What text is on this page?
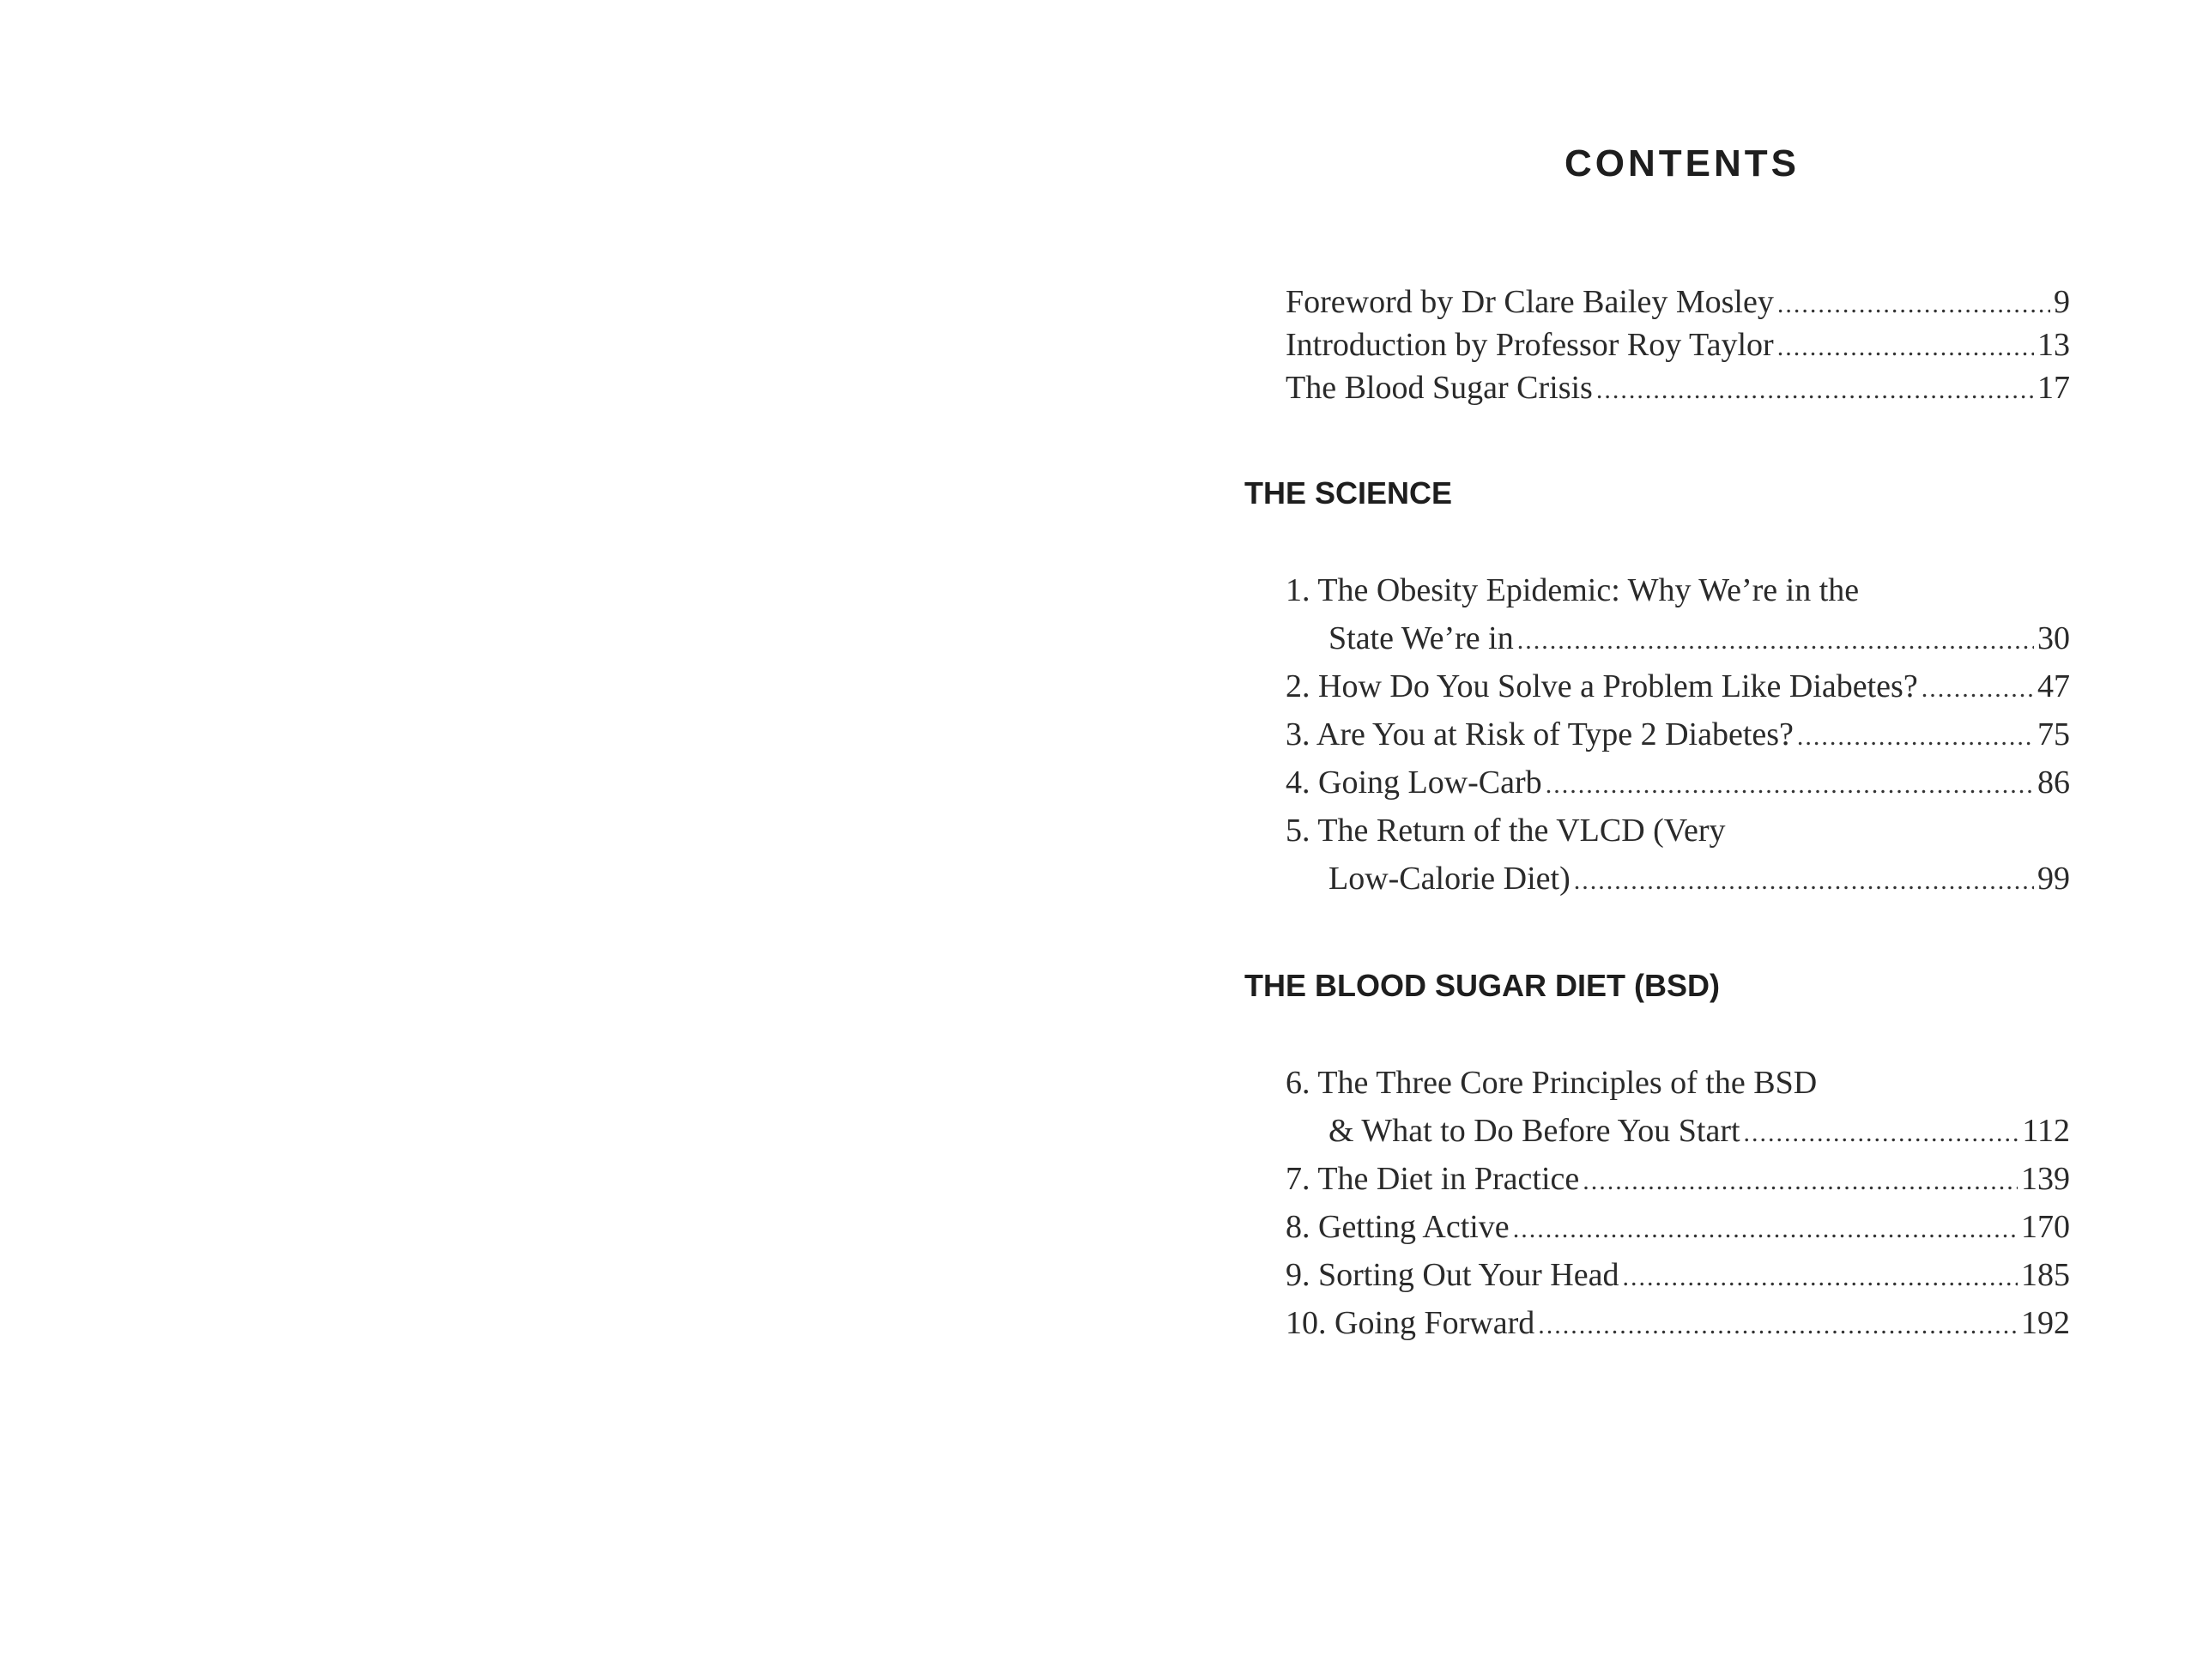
CONTENTS
Foreword by Dr Clare Bailey Mosley .....	9
Introduction by Professor Roy Taylor .....	13
The Blood Sugar Crisis .....	17
THE SCIENCE
1. The Obesity Epidemic: Why We’re in the
State We’re in .....	30
2. How Do You Solve a Problem Like Diabetes? .....	47
3. Are You at Risk of Type 2 Diabetes? .....	75
4. Going Low-Carb .....	86
5. The Return of the VLCD (Very
Low-Calorie Diet) .....	99
THE BLOOD SUGAR DIET (BSD)
6. The Three Core Principles of the BSD
& What to Do Before You Start .....	112
7. The Diet in Practice .....	139
8. Getting Active .....	170
9. Sorting Out Your Head .....	185
10. Going Forward .....	192
